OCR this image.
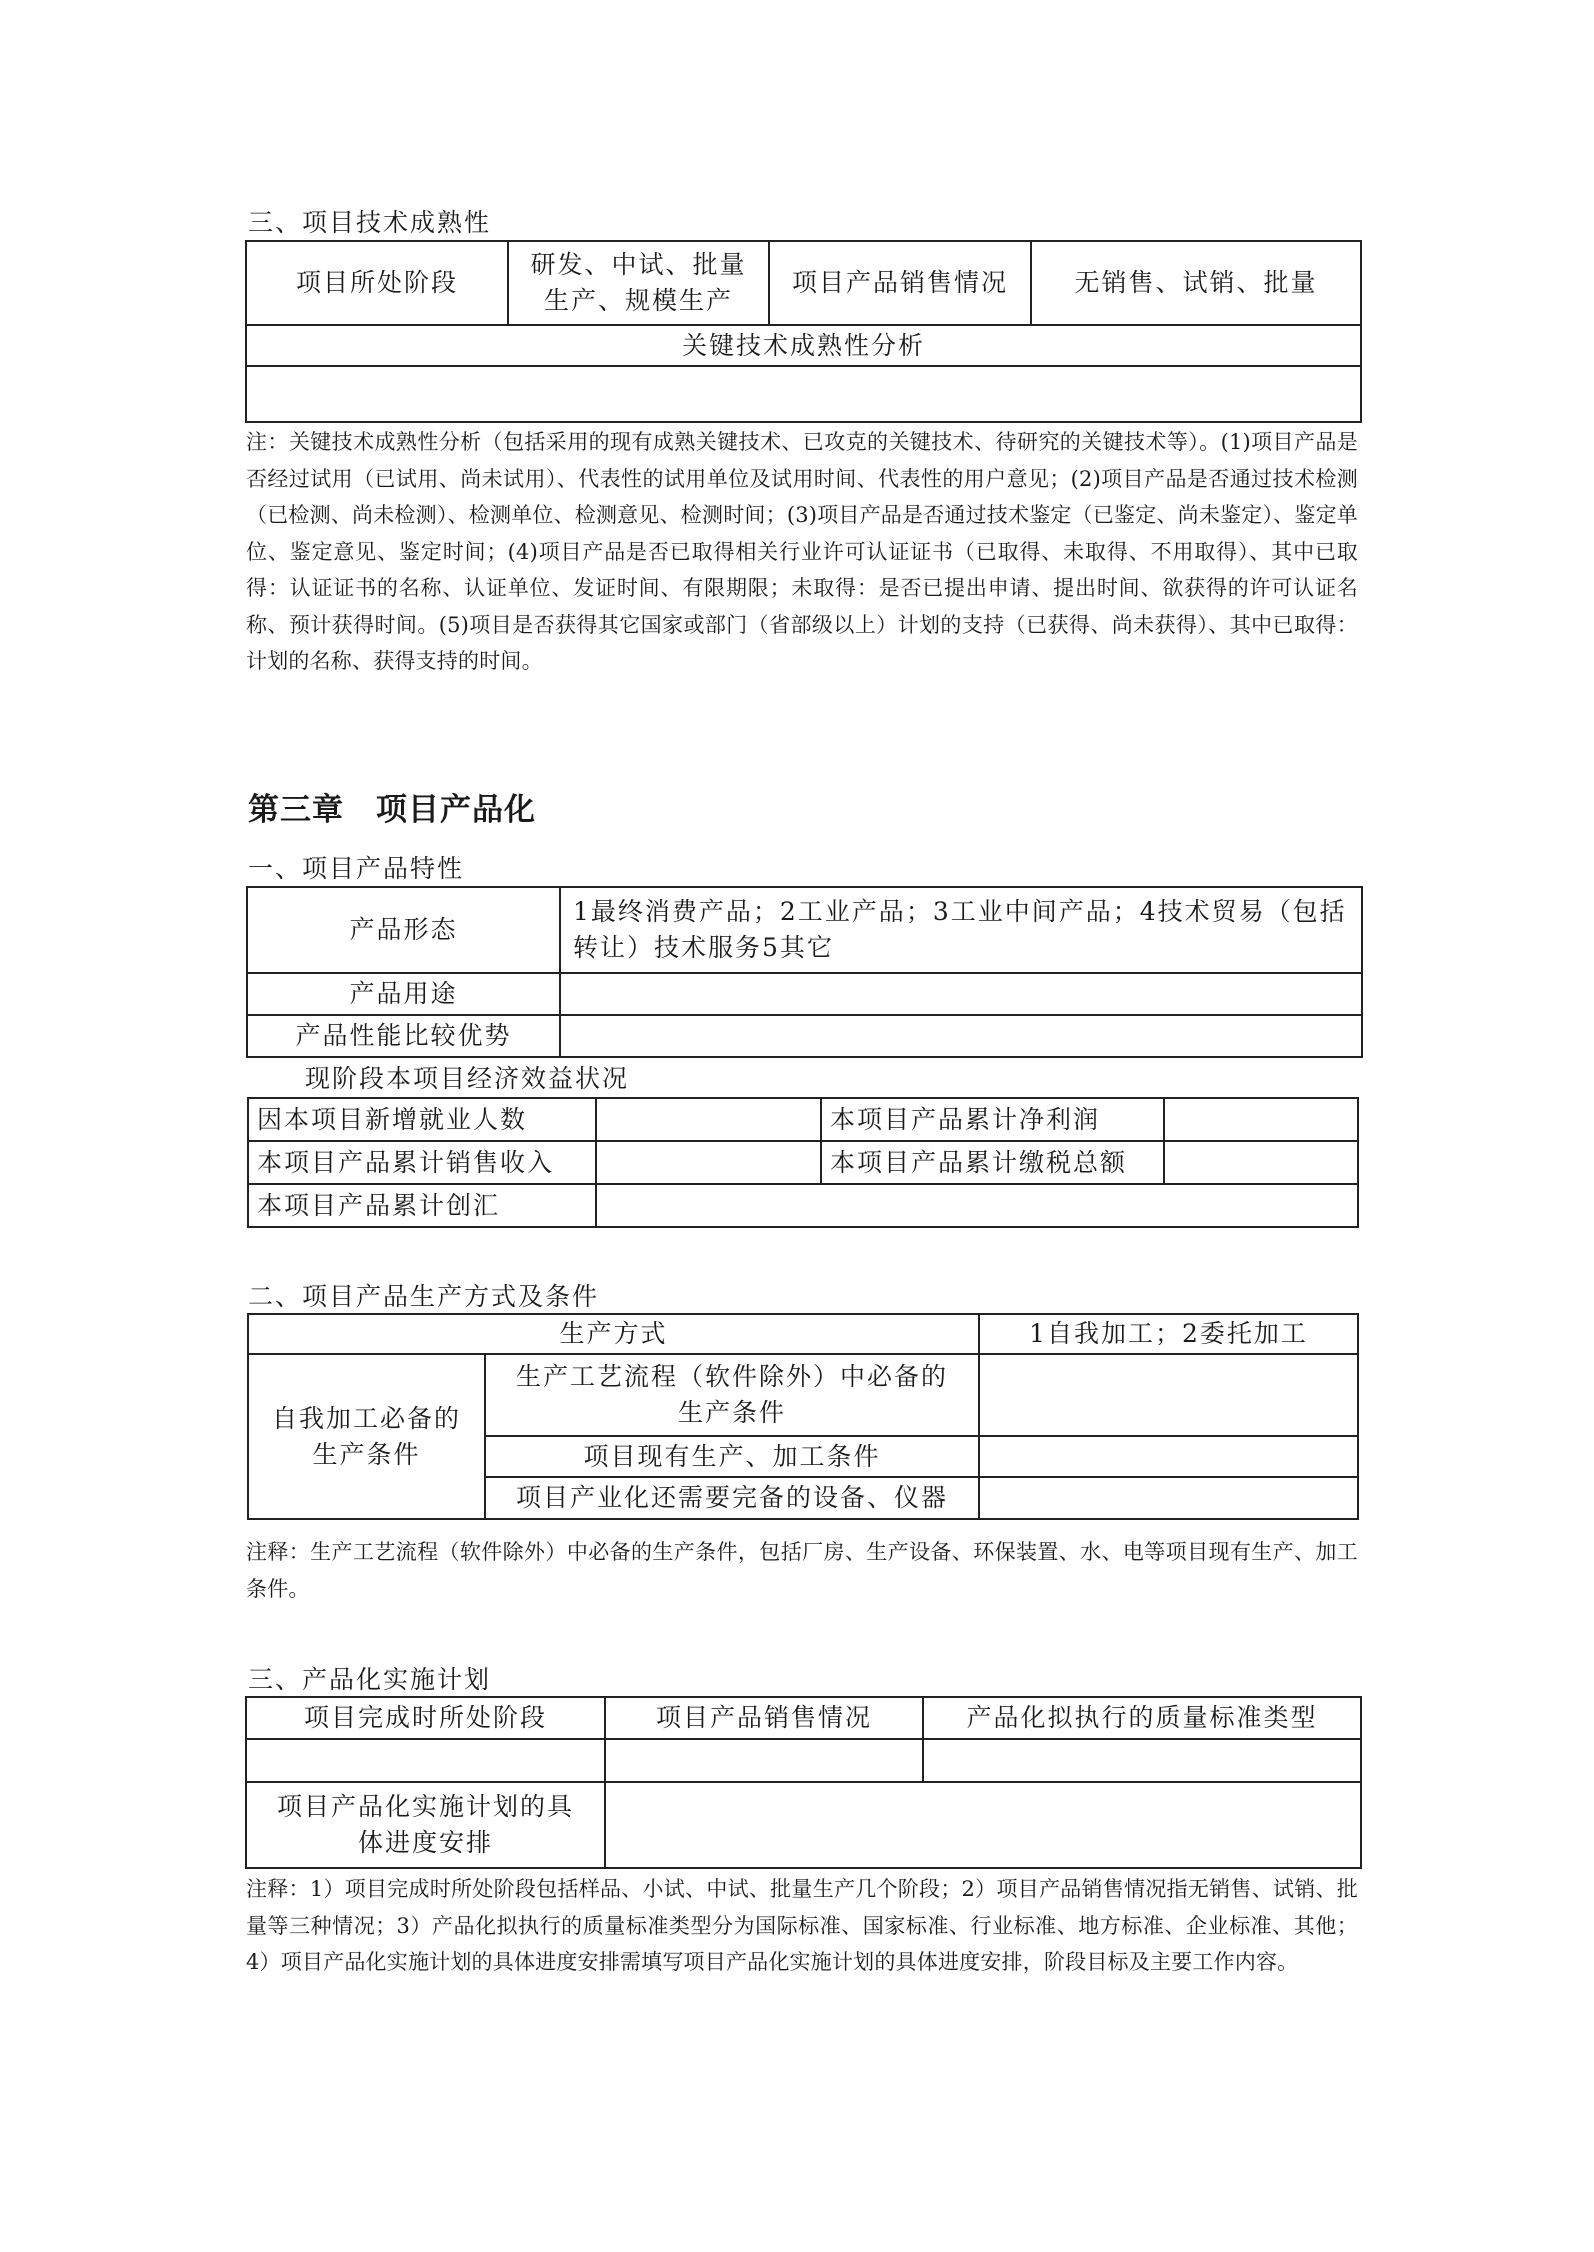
三、项目技术成熟性
项目所处阶段	研发、中试、批量生产、规模生产	项目产品销售情况	无销售、试销、批量
关键技术成熟性分析

注：关键技术成熟性分析（包括采用的现有成熟关键技术、已攻克的关键技术、待研究的关键技术等）。(1)项目产品是否经过试用（已试用、尚未试用）、代表性的试用单位及试用时间、代表性的用户意见；(2)项目产品是否通过技术检测（已检测、尚未检测）、检测单位、检测意见、检测时间；(3)项目产品是否通过技术鉴定（已鉴定、尚未鉴定）、鉴定单位、鉴定意见、鉴定时间；(4)项目产品是否已取得相关行业许可认证证书（已取得、未取得、不用取得）、其中已取得：认证证书的名称、认证单位、发证时间、有限期限；未取得：是否已提出申请、提出时间、欲获得的许可认证名称、预计获得时间。(5)项目是否获得其它国家或部门（省部级以上）计划的支持（已获得、尚未获得）、其中已取得：计划的名称、获得支持的时间。
第三章　项目产品化
一、项目产品特性
产品形态	1最终消费产品；2工业产品；3工业中间产品；4技术贸易（包括转让）技术服务5其它
产品用途	
产品性能比较优势	
现阶段本项目经济效益状况
因本项目新增就业人数		本项目产品累计净利润	
本项目产品累计销售收入		本项目产品累计缴税总额	
本项目产品累计创汇			
二、项目产品生产方式及条件
生产方式		1自我加工；2委托加工
自我加工必备的生产条件	生产工艺流程（软件除外）中必备的生产条件	
	项目现有生产、加工条件	
	项目产业化还需要完备的设备、仪器	
注释：生产工艺流程（软件除外）中必备的生产条件，包括厂房、生产设备、环保装置、水、电等项目现有生产、加工条件。
三、产品化实施计划
项目完成时所处阶段	项目产品销售情况	产品化拟执行的质量标准类型

项目产品化实施计划的具体进度安排		
注释：1）项目完成时所处阶段包括样品、小试、中试、批量生产几个阶段；2）项目产品销售情况指无销售、试销、批量等三种情况；3）产品化拟执行的质量标准类型分为国际标准、国家标准、行业标准、地方标准、企业标准、其他；4）项目产品化实施计划的具体进度安排需填写项目产品化实施计划的具体进度安排，阶段目标及主要工作内容。
